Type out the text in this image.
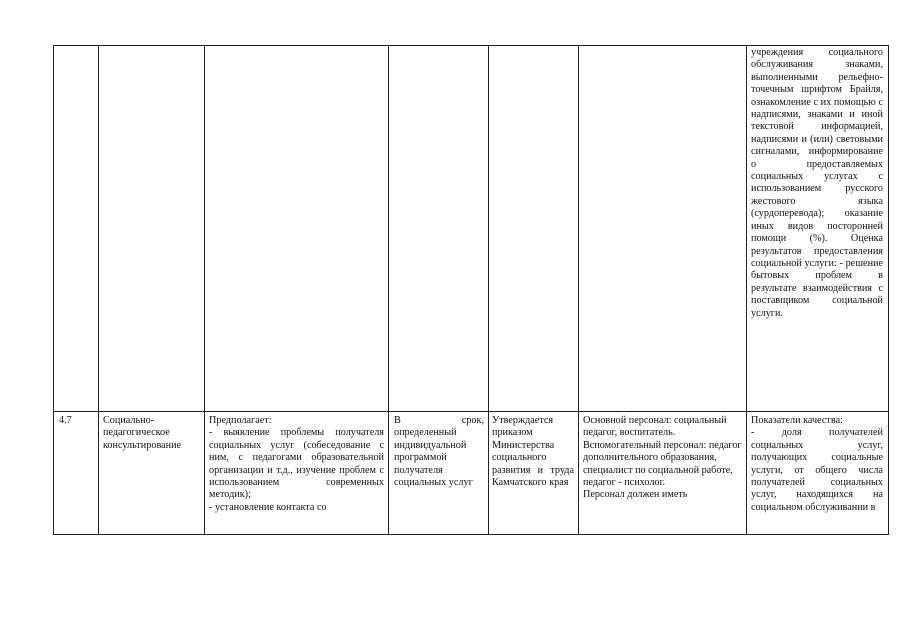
учреждения социального обслуживания знаками, выполненными рельефно-точечным шрифтом Брайля, ознакомление с их помощью с надписями, знаками и иной текстовой информацией, надписями и (или) световыми сигналами, информирование о предоставляемых социальных услугах с использованием русского жестового языка (сурдоперевода); оказание иных видов посторонней помощи (%). Оценка результатов предоставления социальной услуги: - решение бытовых проблем в результате взаимодействия с поставщиком социальной услуги.

4.7	Социально-педагогическое консультирование

Предполагает:

- выявление проблемы получателя социальных услуг (собеседование с ним, с педагогами образовательной организации и т.д., изучение проблем с использованием современных методик);

- установление контакта со

В срок, определенный индивидуальной программой получателя социальных услуг
Утверждается приказом Министерства социального развития и труда Камчатского края

Основной персонал: социальный педагог, воспитатель.

Вспомогательный персонал: педагог дополнительного образования, специалист по социальной работе, педагог - психолог.

Персонал должен иметь

Показатели качества:

- доля получателей социальных услуг, получающих социальные услуги, от общего числа получателей социальных услуг, находящихся на социальном обслуживании в
